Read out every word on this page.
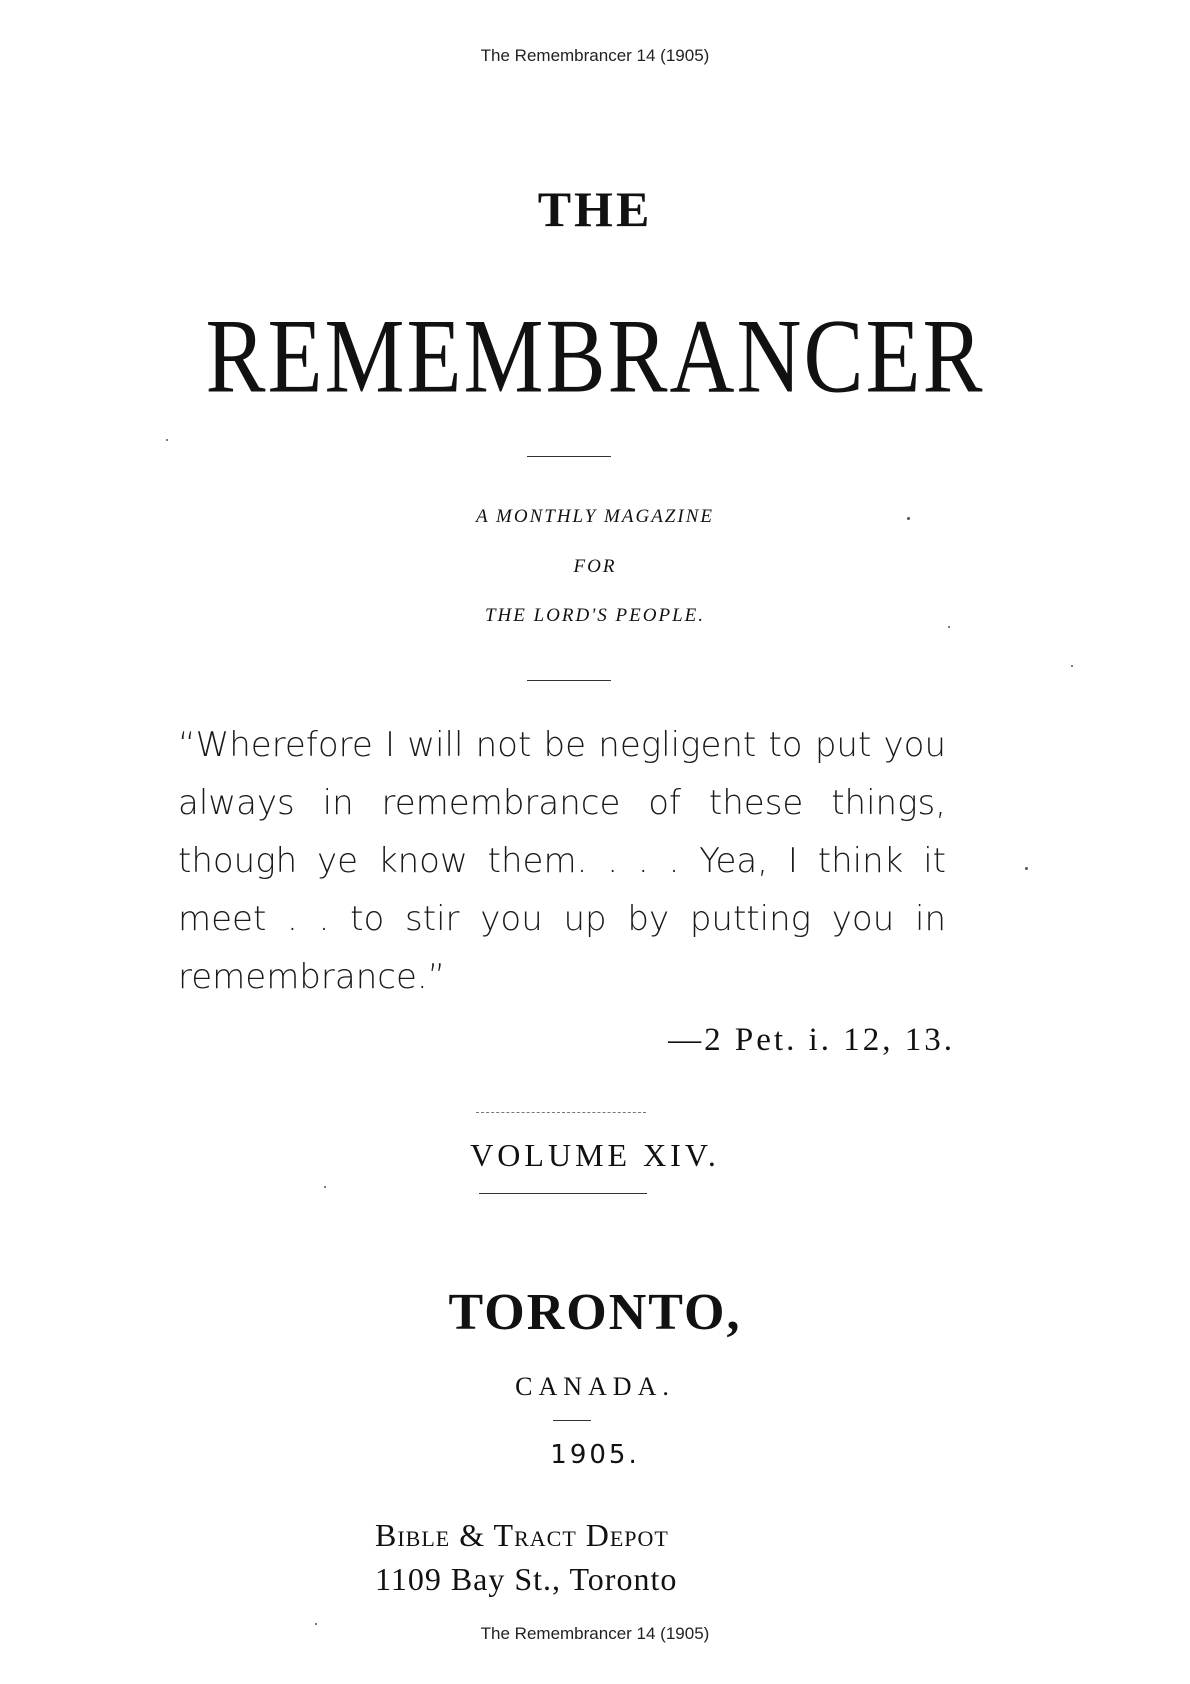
The Remembrancer 14 (1905)
THE
REMEMBRANCER
A MONTHLY MAGAZINE
FOR
THE LORD'S PEOPLE.
“Wherefore I will not be negligent to put you always in remembrance of these things, though ye know them. . . . Yea, I think it meet . . to stir you up by putting you in remembrance.”
—2 Pet. i. 12, 13.
VOLUME XIV.
TORONTO,
CANADA.
1905.
Bible & Tract Depot
1109 Bay St., Toronto
The Remembrancer 14 (1905)
